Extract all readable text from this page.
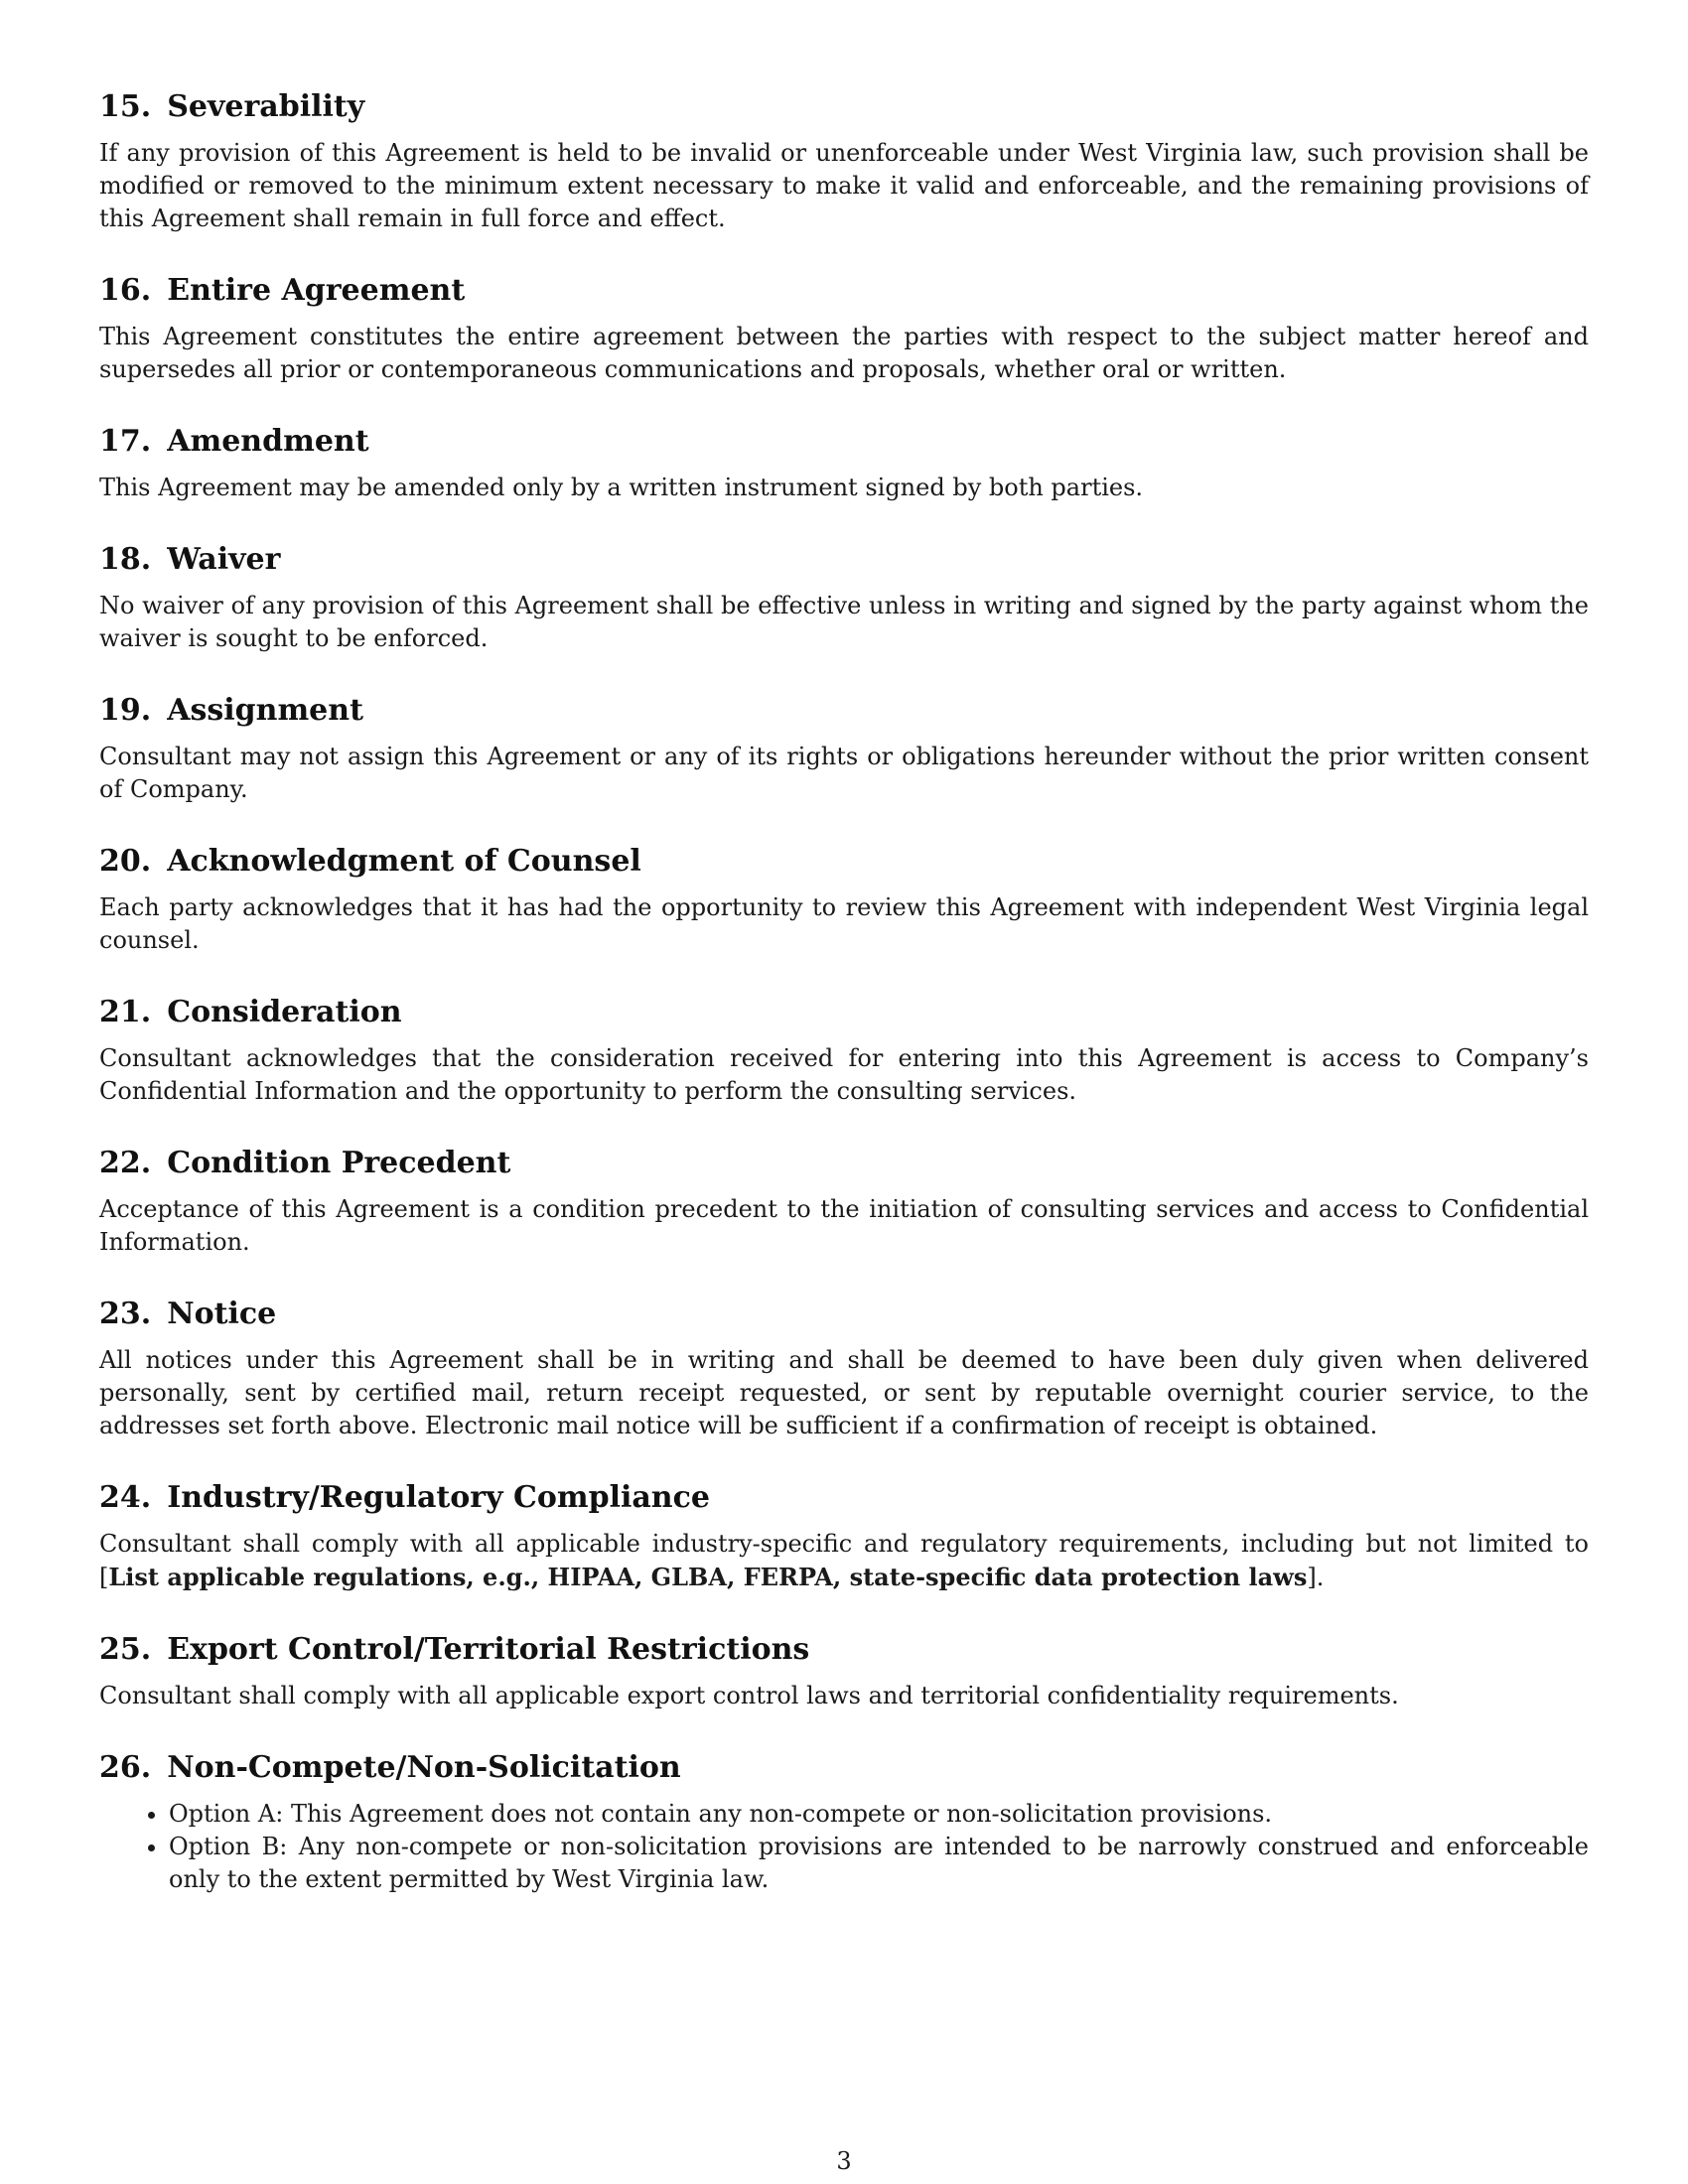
15. Severability

If any provision of this Agreement is held to be invalid or unenforceable under West Virginia law, such provision shall be modified or removed to the minimum extent necessary to make it valid and enforceable, and the remaining provisions of this Agreement shall remain in full force and effect.

16. Entire Agreement

This Agreement constitutes the entire agreement between the parties with respect to the subject matter hereof and supersedes all prior or contemporaneous communications and proposals, whether oral or written.

17. Amendment

This Agreement may be amended only by a written instrument signed by both parties.

18. Waiver

No waiver of any provision of this Agreement shall be effective unless in writing and signed by the party against whom the waiver is sought to be enforced.

19. Assignment

Consultant may not assign this Agreement or any of its rights or obligations hereunder without the prior written consent of Company.

20. Acknowledgment of Counsel

Each party acknowledges that it has had the opportunity to review this Agreement with independent West Virginia legal counsel.

21. Consideration

Consultant acknowledges that the consideration received for entering into this Agreement is access to Company’s Confidential Information and the opportunity to perform the consulting services.

22. Condition Precedent

Acceptance of this Agreement is a condition precedent to the initiation of consulting services and access to Confidential Information.

23. Notice

All notices under this Agreement shall be in writing and shall be deemed to have been duly given when delivered personally, sent by certified mail, return receipt requested, or sent by reputable overnight courier service, to the addresses set forth above. Electronic mail notice will be sufficient if a confirmation of receipt is obtained.

24. Industry/Regulatory Compliance

Consultant shall comply with all applicable industry-specific and regulatory requirements, including but not limited to [List applicable regulations, e.g., HIPAA, GLBA, FERPA, state-specific data protection laws].

25. Export Control/Territorial Restrictions

Consultant shall comply with all applicable export control laws and territorial confidentiality requirements.

26. Non-Compete/Non-Solicitation
• Option A: This Agreement does not contain any non-compete or non-solicitation provisions.
• Option B: Any non-compete or non-solicitation provisions are intended to be narrowly construed and enforceable only to the extent permitted by West Virginia law.
3
